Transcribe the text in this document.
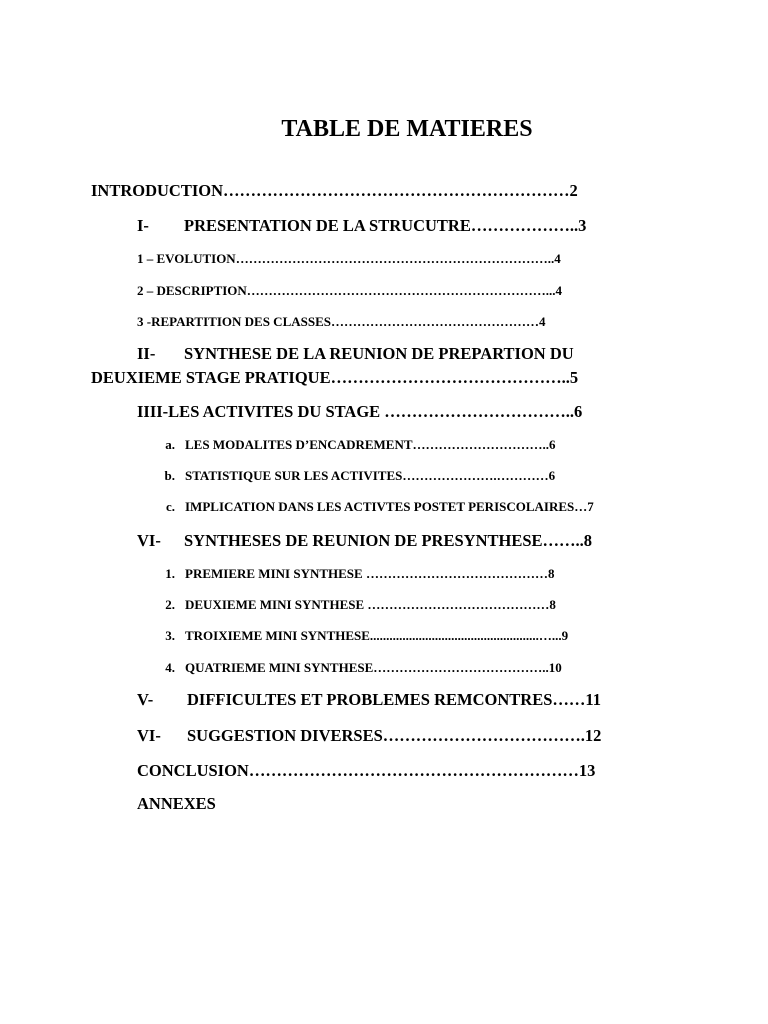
TABLE DE MATIERES
INTRODUCTION………………………………………………………2
I- PRESENTATION DE LA STRUCUTRE………………..3
1 – EVOLUTION………………………………………………………………..4
2 – DESCRIPTION……………………………………………………………...4
3 -REPARTITION DES CLASSES…………………………………………4
II- SYNTHESE DE LA REUNION DE PREPARTION DU
DEUXIEME STAGE PRATIQUE……………………………………..5
IIII-LES ACTIVITES DU STAGE ……………………………..6
a. LES MODALITES D’ENCADREMENT…………………………..6
b. STATISTIQUE SUR LES ACTIVITES………………….…………6
c. IMPLICATION DANS LES ACTIVTES POSTET PERISCOLAIRES…7
VI- SYNTHESES DE REUNION DE PRESYNTHESE……..8
1. PREMIERE MINI SYNTHESE ……………………………………8
2. DEUXIEME MINI SYNTHESE ……………………………………8
3. TROIXIEME MINI SYNTHESE....................................................…...9
4. QUATRIEME MINI SYNTHESE…………………………………..10
V- DIFFICULTES ET PROBLEMES REMCONTRES……11
VI- SUGGESTION DIVERSES……………………………….12
CONCLUSION……………………………………………………13
ANNEXES
